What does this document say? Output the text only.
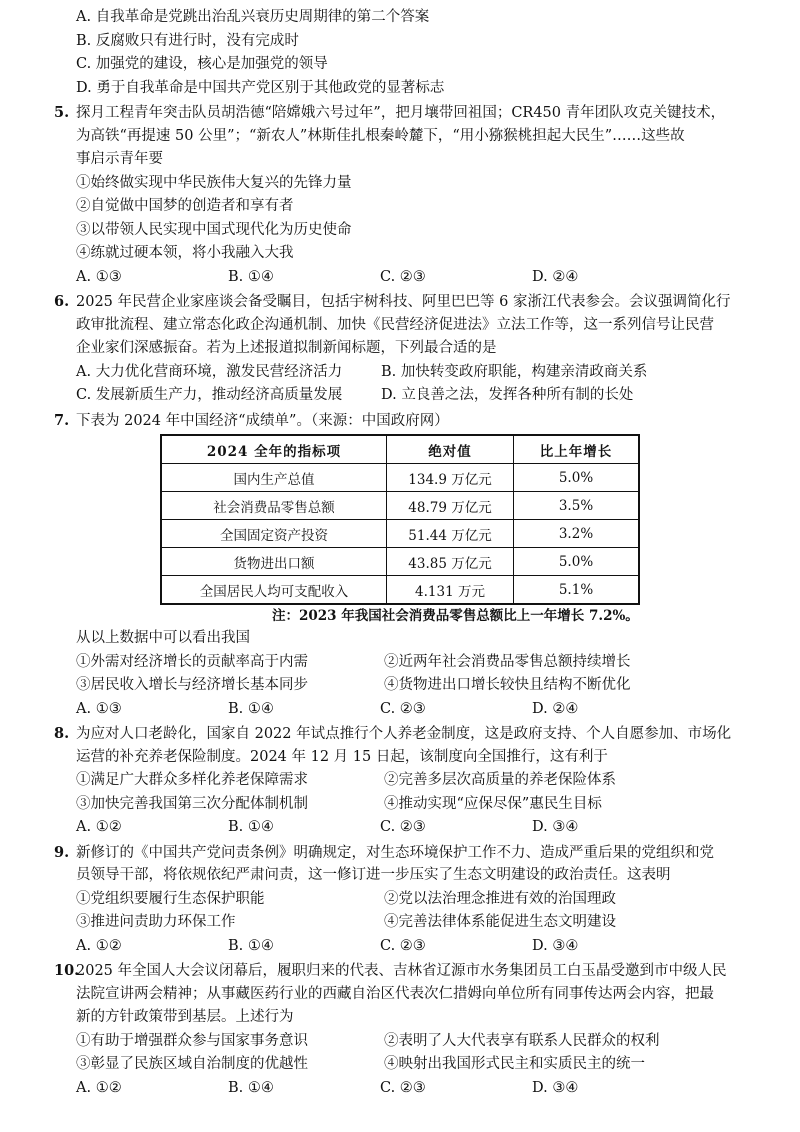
A. 自我革命是党跳出治乱兴衰历史周期律的第二个答案
B. 反腐败只有进行时，没有完成时
C. 加强党的建设，核心是加强党的领导
D. 勇于自我革命是中国共产党区别于其他政党的显著标志
5. 探月工程青年突击队员胡浩德“陪嫦娥六号过年”，把月壤带回祖国；CR450 青年团队攻克关键技术，
为高铁“再提速 50 公里”；“新农人”林斯佳扎根秦岭麓下，“用小猕猴桃担起大民生”……这些故
事启示青年要
①始终做实现中华民族伟大复兴的先锋力量
②自觉做中国梦的创造者和享有者
③以带领人民实现中国式现代化为历史使命
④练就过硬本领，将小我融入大我
A. ①③	B. ①④	C. ②③	D. ②④
6. 2025 年民营企业家座谈会备受瞩目，包括宇树科技、阿里巴巴等 6 家浙江代表参会。会议强调简化行
政审批流程、建立常态化政企沟通机制、加快《民营经济促进法》立法工作等，这一系列信号让民营
企业家们深感振奋。若为上述报道拟制新闻标题，下列最合适的是
A. 大力优化营商环境，激发民营经济活力	B. 加快转变政府职能，构建亲清政商关系
C. 发展新质生产力，推动经济高质量发展	D. 立良善之法，发挥各种所有制的长处
7. 下表为 2024 年中国经济“成绩单”。（来源：中国政府网）
2024 全年的指标项	绝对值	比上年增长
国内生产总值	134.9 万亿元	5.0%
社会消费品零售总额	48.79 万亿元	3.5%
全国固定资产投资	51.44 万亿元	3.2%
货物进出口额	43.85 万亿元	5.0%
全国居民人均可支配收入	4.131 万元	5.1%
注：2023 年我国社会消费品零售总额比上一年增长 7.2%。
从以上数据中可以看出我国
①外需对经济增长的贡献率高于内需	②近两年社会消费品零售总额持续增长
③居民收入增长与经济增长基本同步	④货物进出口增长较快且结构不断优化
A. ①③	B. ①④	C. ②③	D. ②④
8. 为应对人口老龄化，国家自 2022 年试点推行个人养老金制度，这是政府支持、个人自愿参加、市场化
运营的补充养老保险制度。2024 年 12 月 15 日起，该制度向全国推行，这有利于
①满足广大群众多样化养老保障需求	②完善多层次高质量的养老保险体系
③加快完善我国第三次分配体制机制	④推动实现“应保尽保”惠民生目标
A. ①②	B. ①④	C. ②③	D. ③④
9. 新修订的《中国共产党问责条例》明确规定，对生态环境保护工作不力、造成严重后果的党组织和党
员领导干部，将依规依纪严肃问责，这一修订进一步压实了生态文明建设的政治责任。这表明
①党组织要履行生态保护职能	②党以法治理念推进有效的治国理政
③推进问责助力环保工作	④完善法律体系能促进生态文明建设
A. ①②	B. ①④	C. ②③	D. ③④
10.2025 年全国人大会议闭幕后，履职归来的代表、吉林省辽源市水务集团员工白玉晶受邀到市中级人民
法院宣讲两会精神；从事藏医药行业的西藏自治区代表次仁措姆向单位所有同事传达两会内容，把最
新的方针政策带到基层。上述行为
①有助于增强群众参与国家事务意识	②表明了人大代表享有联系人民群众的权利
③彰显了民族区域自治制度的优越性	④映射出我国形式民主和实质民主的统一
A. ①②	B. ①④	C. ②③	D. ③④
